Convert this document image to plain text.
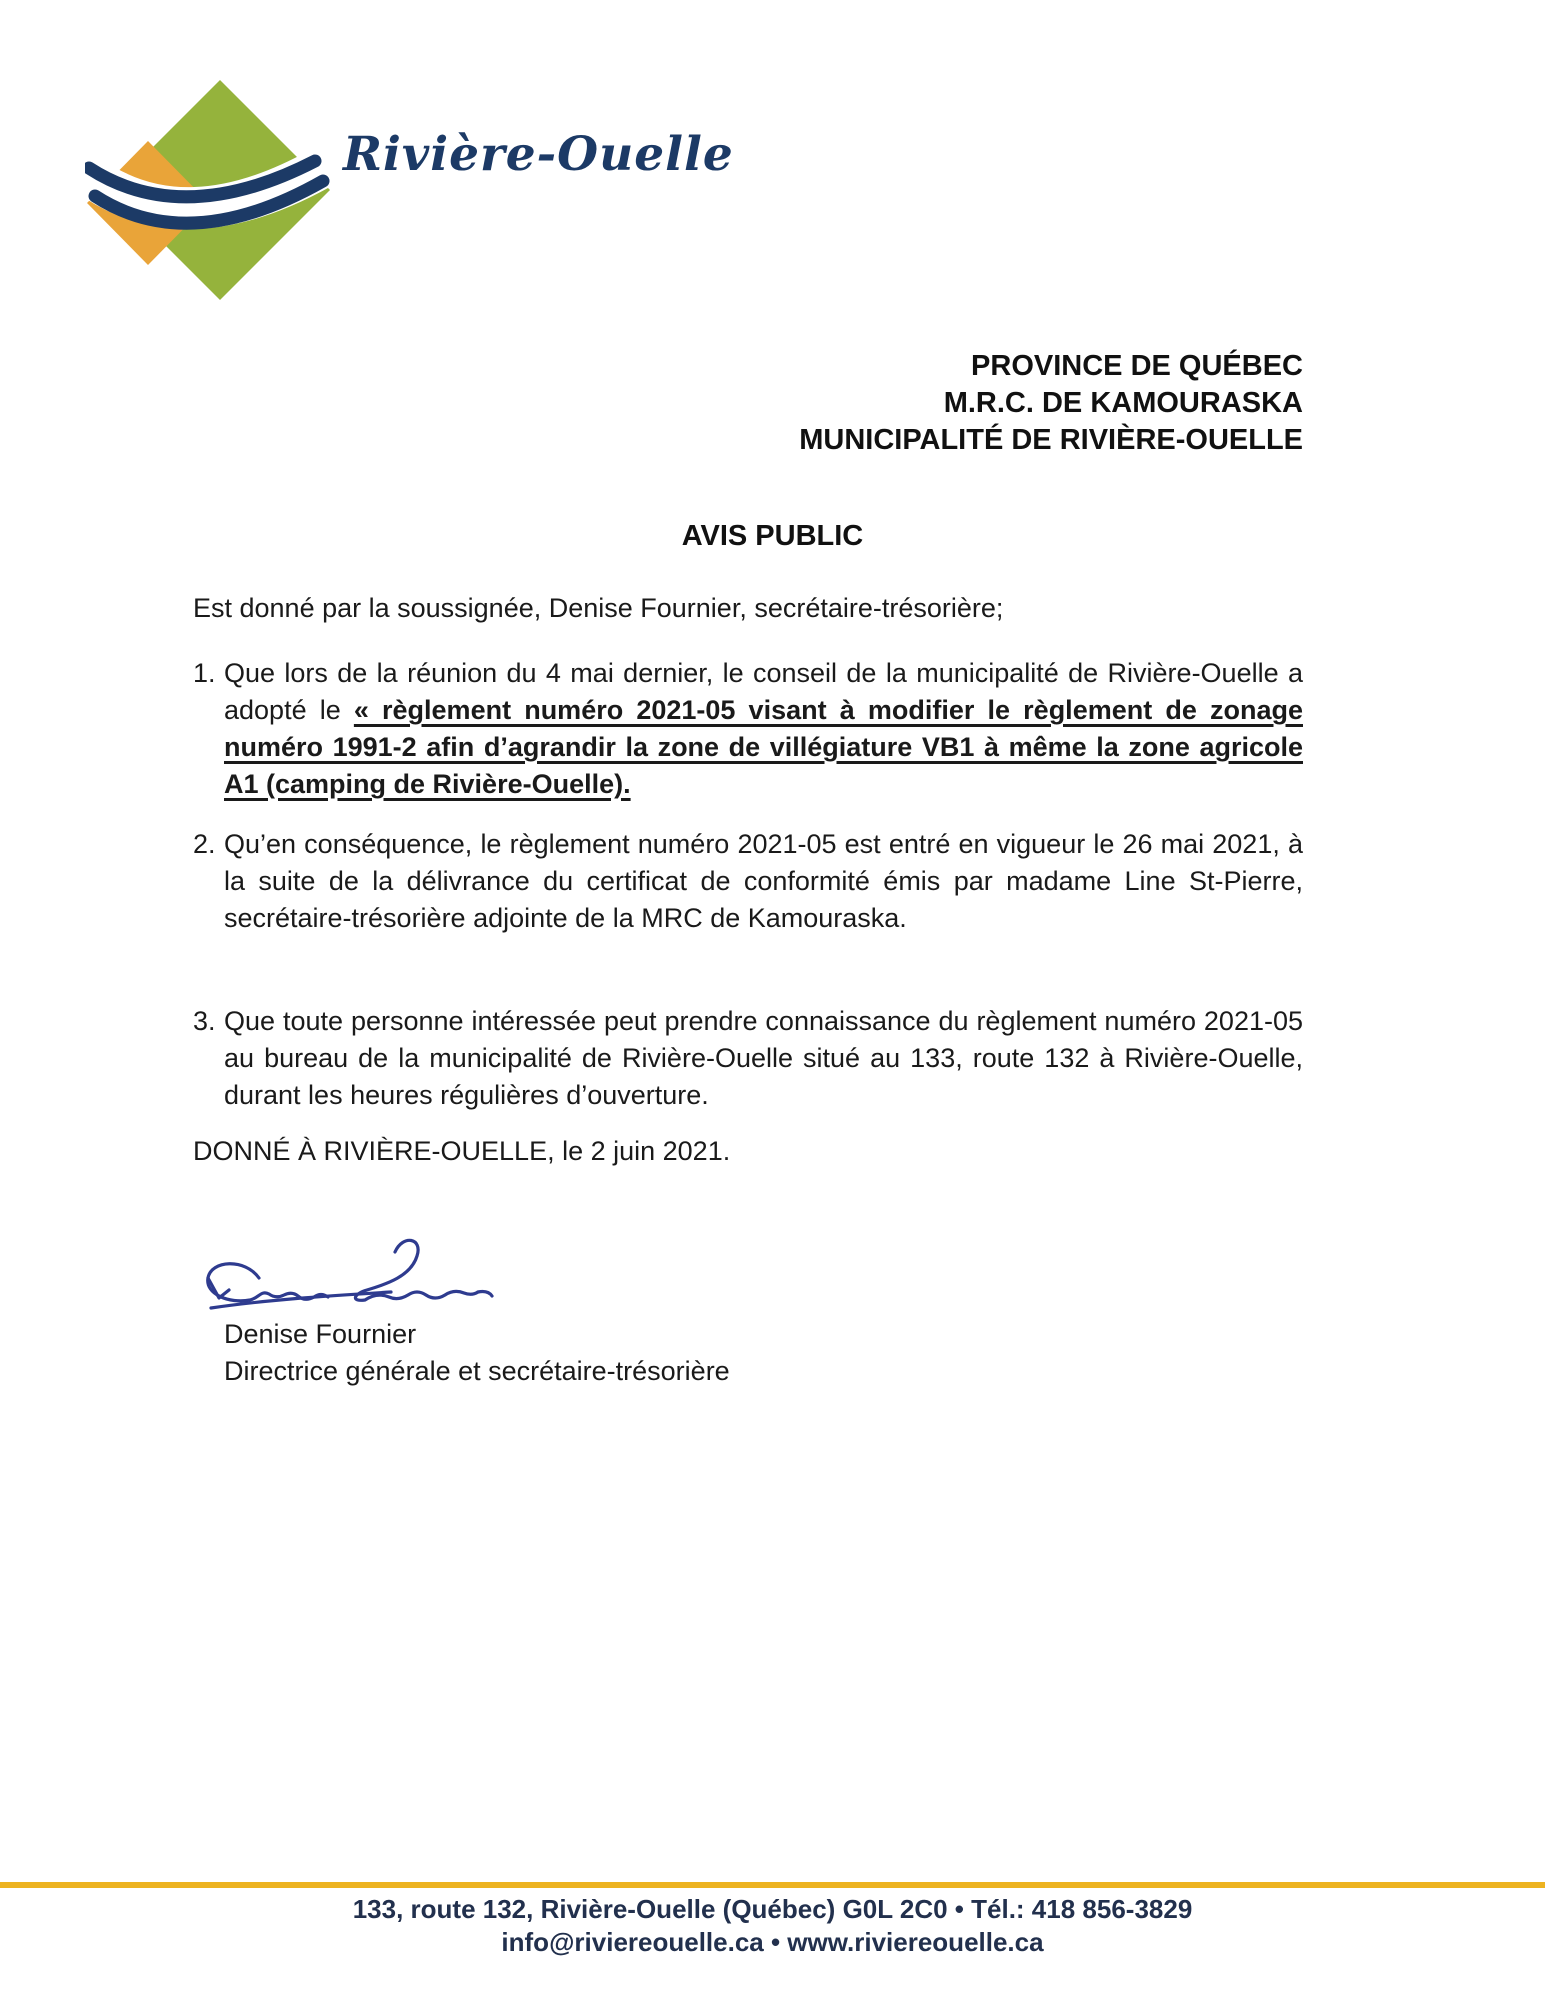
Rivière-Ouelle
PROVINCE DE QUÉBEC
M.R.C. DE KAMOURASKA
MUNICIPALITÉ DE RIVIÈRE-OUELLE
AVIS PUBLIC
Est donné par la soussignée, Denise Fournier, secrétaire-trésorière;
1. Que lors de la réunion du 4 mai dernier, le conseil de la municipalité de Rivière-Ouelle a adopté le « règlement numéro 2021-05 visant à modifier le règlement de zonage numéro 1991-2 afin d’agrandir la zone de villégiature VB1 à même la zone agricole A1 (camping de Rivière-Ouelle).
2. Qu’en conséquence, le règlement numéro 2021-05 est entré en vigueur le 26 mai 2021, à la suite de la délivrance du certificat de conformité émis par madame Line St-Pierre, secrétaire-trésorière adjointe de la MRC de Kamouraska.
3. Que toute personne intéressée peut prendre connaissance du règlement numéro 2021-05 au bureau de la municipalité de Rivière-Ouelle situé au 133, route 132 à Rivière-Ouelle, durant les heures régulières d’ouverture.
DONNÉ À RIVIÈRE-OUELLE, le 2 juin 2021.
Denise Fournier
Directrice générale et secrétaire-trésorière
133, route 132, Rivière-Ouelle (Québec) G0L 2C0 • Tél.: 418 856-3829
info@riviereouelle.ca • www.riviereouelle.ca
